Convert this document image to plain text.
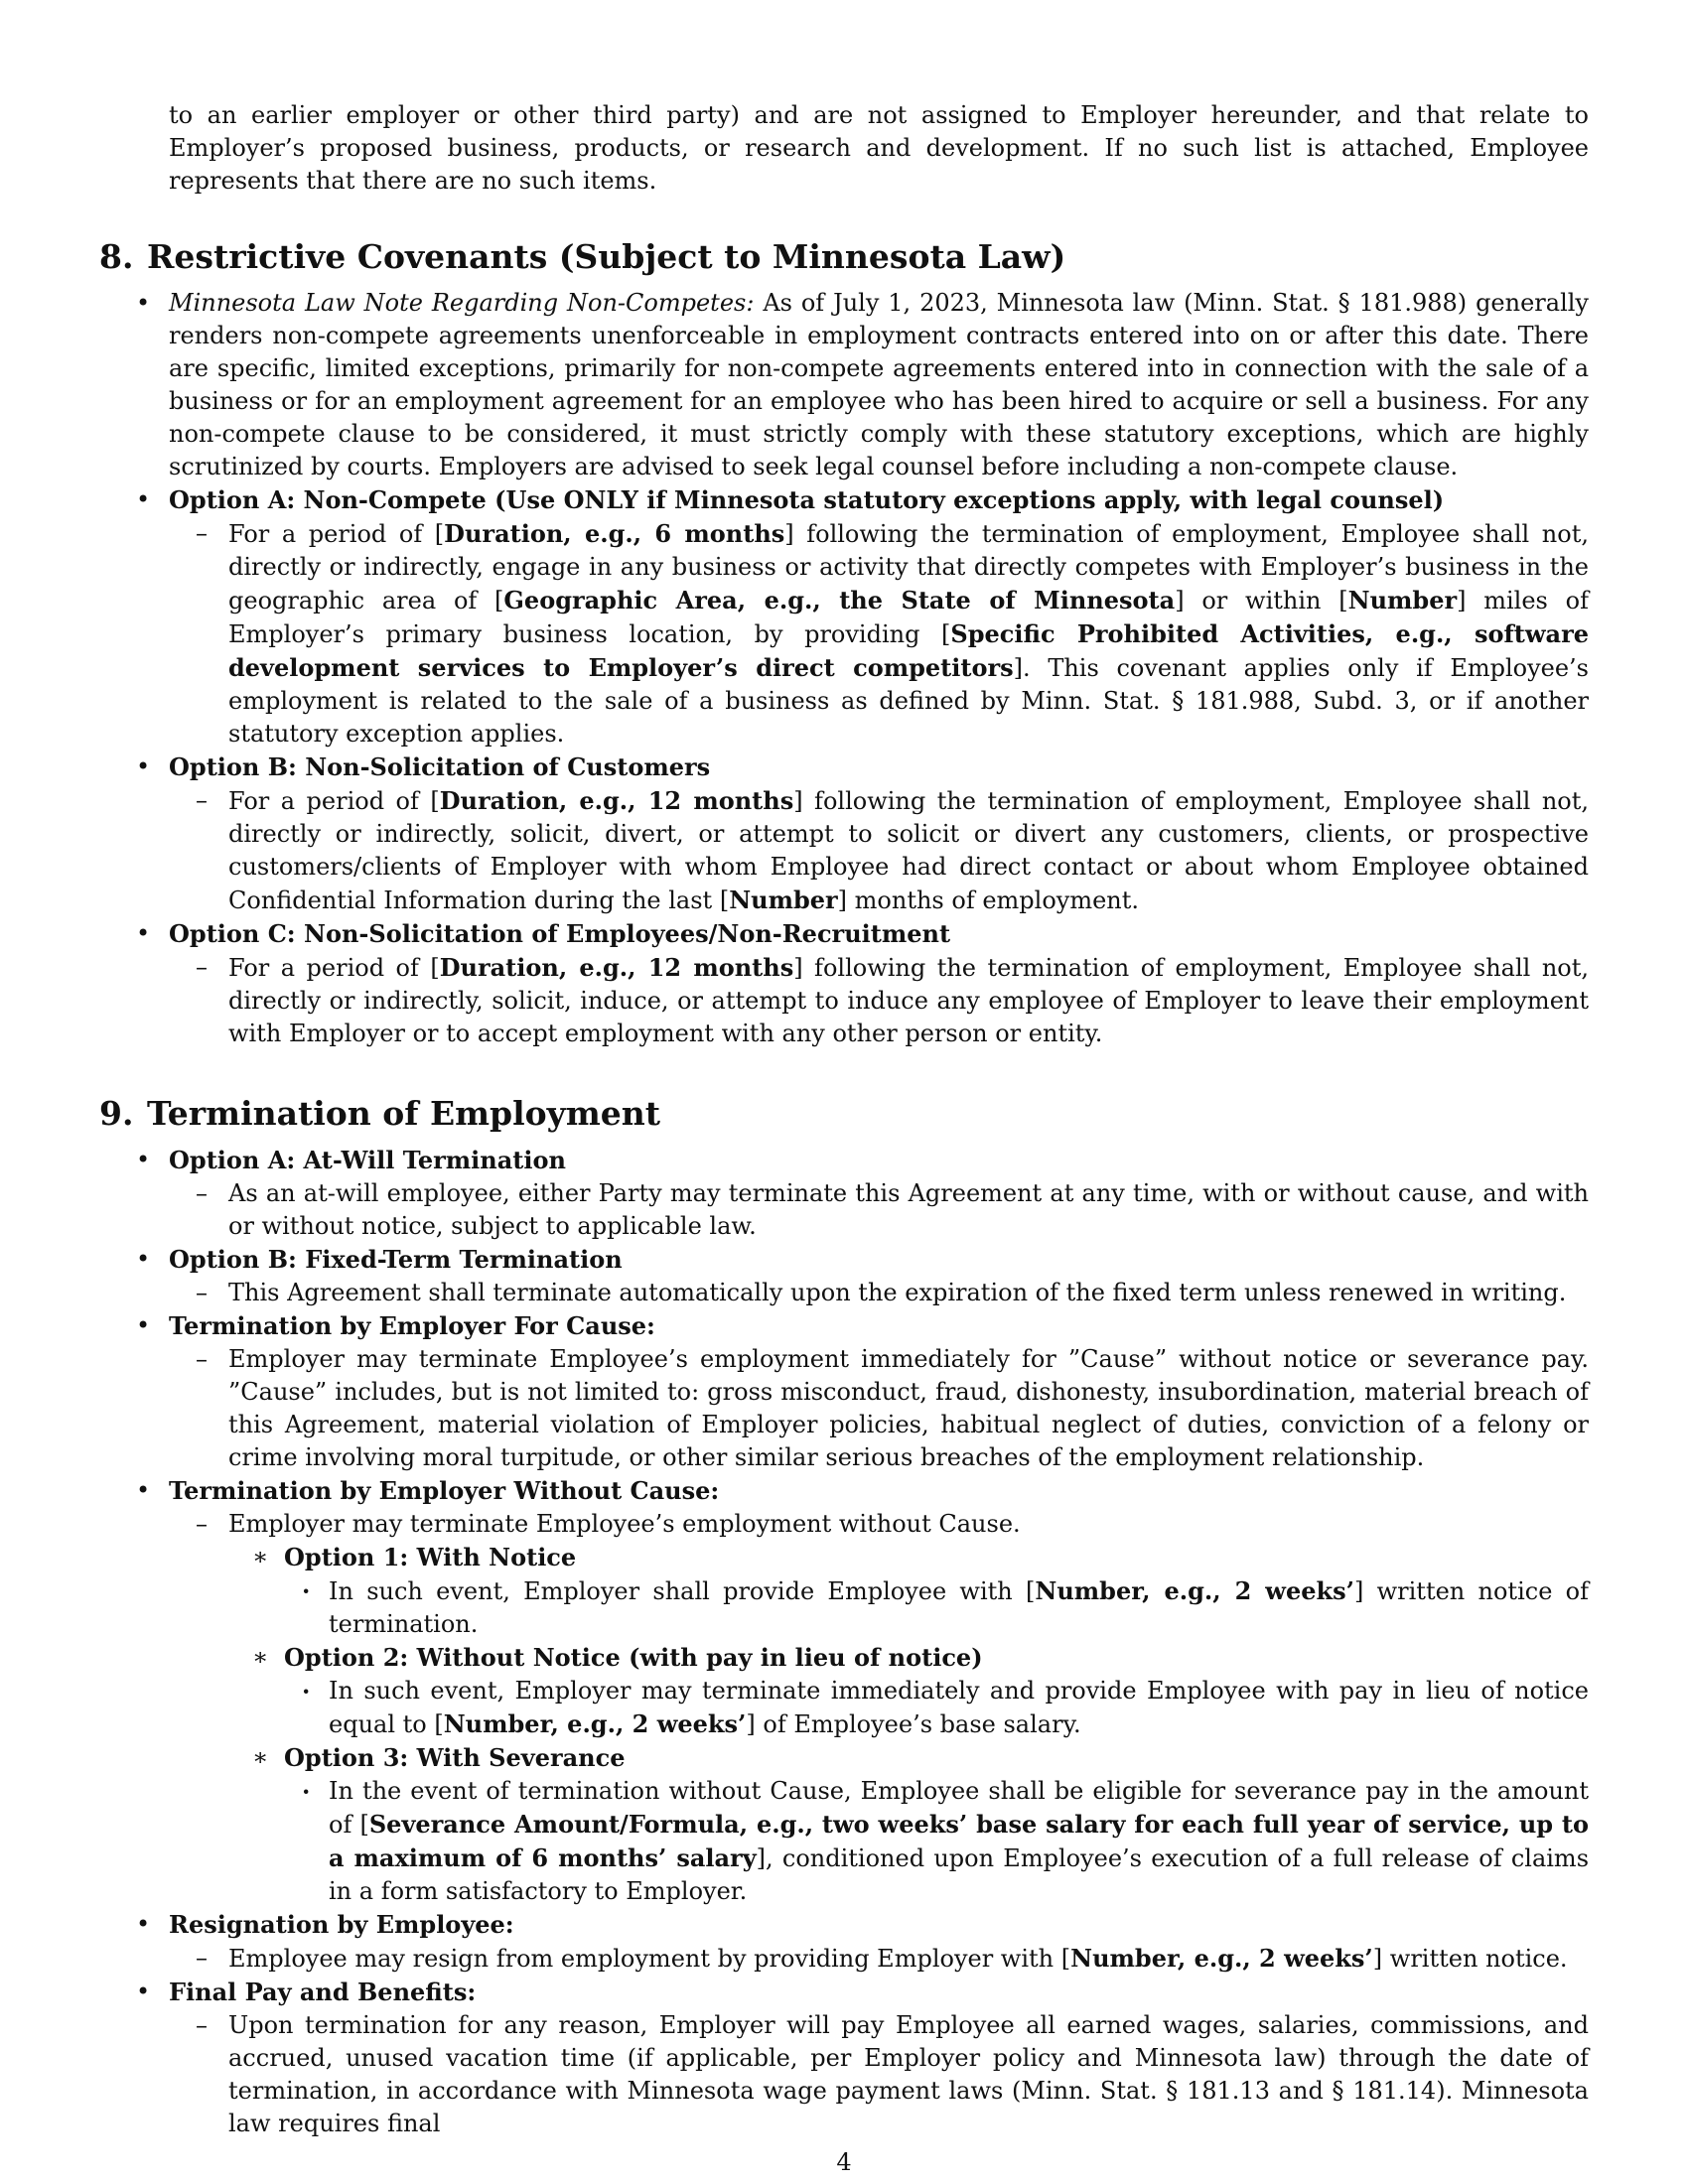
to an earlier employer or other third party) and are not assigned to Employer hereunder, and that relate to Employer’s proposed business, products, or research and development. If no such list is attached, Employee represents that there are no such items.

8. Restrictive Covenants (Subject to Minnesota Law)
• Minnesota Law Note Regarding Non-Competes: As of July 1, 2023, Minnesota law (Minn. Stat. § 181.988) generally renders non-compete agreements unenforceable in employment contracts entered into on or after this date. There are specific, limited exceptions, primarily for non-compete agreements entered into in connection with the sale of a business or for an employment agreement for an employee who has been hired to acquire or sell a business. For any non-compete clause to be considered, it must strictly comply with these statutory exceptions, which are highly scrutinized by courts. Employers are advised to seek legal counsel before including a non-compete clause.
• Option A: Non-Compete (Use ONLY if Minnesota statutory exceptions apply, with legal counsel)
– For a period of [Duration, e.g., 6 months] following the termination of employment, Employee shall not, directly or indirectly, engage in any business or activity that directly competes with Employer’s business in the geographic area of [Geographic Area, e.g., the State of Minnesota] or within [Number] miles of Employer’s primary business location, by providing [Specific Prohibited Activities, e.g., software development services to Employer’s direct competitors]. This covenant applies only if Employee’s employment is related to the sale of a business as defined by Minn. Stat. § 181.988, Subd. 3, or if another statutory exception applies.
• Option B: Non-Solicitation of Customers
– For a period of [Duration, e.g., 12 months] following the termination of employment, Employee shall not, directly or indirectly, solicit, divert, or attempt to solicit or divert any customers, clients, or prospective customers/clients of Employer with whom Employee had direct contact or about whom Employee obtained Confidential Information during the last [Number] months of employment.
• Option C: Non-Solicitation of Employees/Non-Recruitment
– For a period of [Duration, e.g., 12 months] following the termination of employment, Employee shall not, directly or indirectly, solicit, induce, or attempt to induce any employee of Employer to leave their employment with Employer or to accept employment with any other person or entity.
9. Termination of Employment
• Option A: At-Will Termination
– As an at-will employee, either Party may terminate this Agreement at any time, with or without cause, and with or without notice, subject to applicable law.
• Option B: Fixed-Term Termination
– This Agreement shall terminate automatically upon the expiration of the fixed term unless renewed in writing.
• Termination by Employer For Cause:
– Employer may terminate Employee’s employment immediately for ”Cause” without notice or severance pay. ”Cause” includes, but is not limited to: gross misconduct, fraud, dishonesty, insubordination, material breach of this Agreement, material violation of Employer policies, habitual neglect of duties, conviction of a felony or crime involving moral turpitude, or other similar serious breaches of the employment relationship.
• Termination by Employer Without Cause:
– Employer may terminate Employee’s employment without Cause.
∗ Option 1: With Notice
· In such event, Employer shall provide Employee with [Number, e.g., 2 weeks’] written notice of termination.
∗ Option 2: Without Notice (with pay in lieu of notice)
· In such event, Employer may terminate immediately and provide Employee with pay in lieu of notice equal to [Number, e.g., 2 weeks’] of Employee’s base salary.
∗ Option 3: With Severance
· In the event of termination without Cause, Employee shall be eligible for severance pay in the amount of [Severance Amount/Formula, e.g., two weeks’ base salary for each full year of service, up to a maximum of 6 months’ salary], conditioned upon Employee’s execution of a full release of claims in a form satisfactory to Employer.
• Resignation by Employee:
– Employee may resign from employment by providing Employer with [Number, e.g., 2 weeks’] written notice.
• Final Pay and Benefits:
– Upon termination for any reason, Employer will pay Employee all earned wages, salaries, commissions, and accrued, unused vacation time (if applicable, per Employer policy and Minnesota law) through the date of termination, in accordance with Minnesota wage payment laws (Minn. Stat. § 181.13 and § 181.14). Minnesota law requires final
4
